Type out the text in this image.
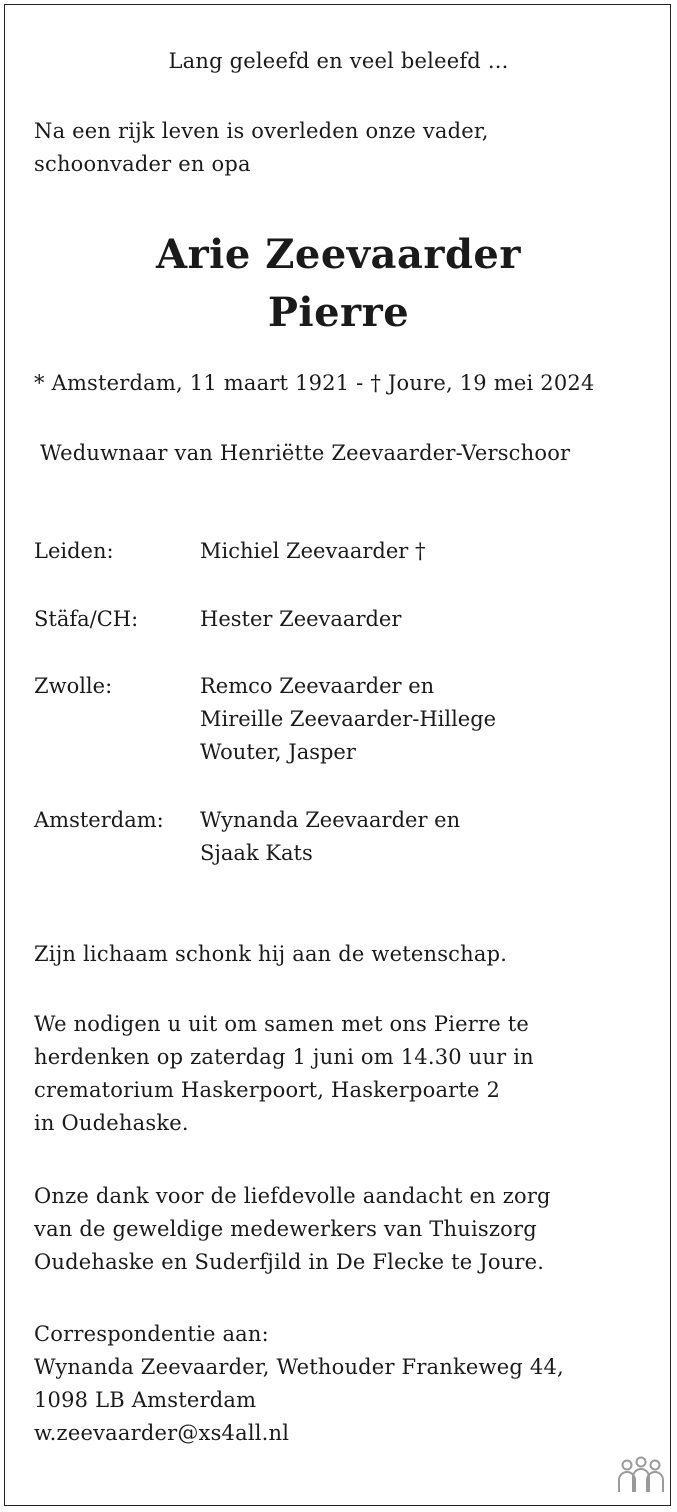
Lang geleefd en veel beleefd ...

Na een rijk leven is overleden onze vader,

schoonvader en opa

Arie Zeevaarder

Pierre

* Amsterdam, 11 maart 1921 - † Joure, 19 mei 2024

Weduwnaar van Henriëtte Zeevaarder-Verschoor

Leiden:	Michiel Zeevaarder †
Stäfa/CH:	Hester Zeevaarder
Zwolle:	Remco Zeevaarder en
Mireille Zeevaarder-Hillege
Wouter, Jasper
Amsterdam: Wynanda Zeevaarder en
Sjaak Kats

Zijn lichaam schonk hij aan de wetenschap.

We nodigen u uit om samen met ons Pierre te

herdenken op zaterdag 1 juni om 14.30 uur in

crematorium Haskerpoort, Haskerpoarte 2

in Oudehaske.

Onze dank voor de liefdevolle aandacht en zorg

van de geweldige medewerkers van Thuiszorg

Oudehaske en Suderfjild in De Flecke te Joure.

Correspondentie aan:

Wynanda Zeevaarder, Wethouder Frankeweg 44,

1098 LB Amsterdam

w.zeevaarder@xs4all.nl
